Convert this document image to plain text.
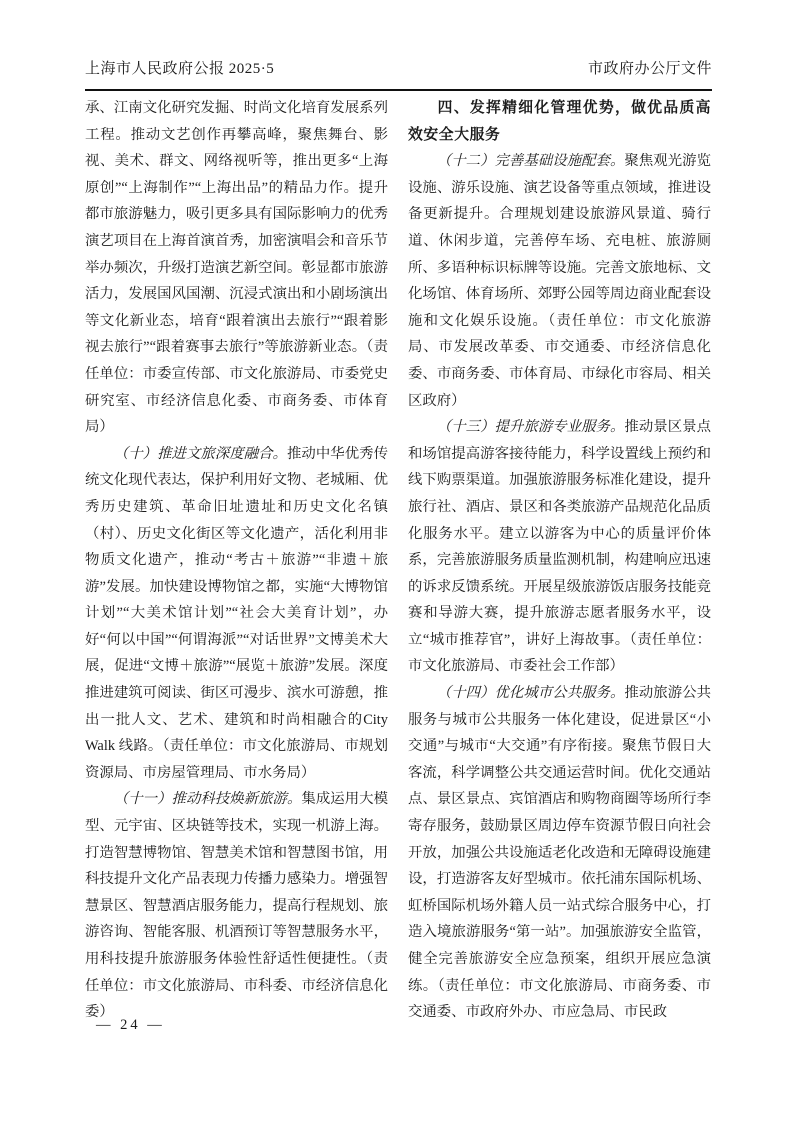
上海市人民政府公报 2025·5	市政府办公厅文件

承、江南文化研究发掘、时尚文化培育发展系列工程。推动文艺创作再攀高峰，聚焦舞台、影视、美术、群文、网络视听等，推出更多“上海原创”“上海制作”“上海出品”的精品力作。提升都市旅游魅力，吸引更多具有国际影响力的优秀演艺项目在上海首演首秀，加密演唱会和音乐节举办频次，升级打造演艺新空间。彰显都市旅游活力，发展国风国潮、沉浸式演出和小剧场演出等文化新业态，培育“跟着演出去旅行”“跟着影视去旅行”“跟着赛事去旅行”等旅游新业态。（责任单位：市委宣传部、市文化旅游局、市委党史研究室、市经济信息化委、市商务委、市体育局）

（十）推进文旅深度融合。推动中华优秀传统文化现代表达，保护利用好文物、老城厢、优秀历史建筑、革命旧址遗址和历史文化名镇（村）、历史文化街区等文化遗产，活化利用非物质文化遗产，推动“考古＋旅游”“非遗＋旅游”发展。加快建设博物馆之都，实施“大博物馆计划”“大美术馆计划”“社会大美育计划”，办好“何以中国”“何谓海派”“对话世界”文博美术大展，促进“文博＋旅游”“展览＋旅游”发展。深度推进建筑可阅读、街区可漫步、滨水可游憩，推出一批人文、艺术、建筑和时尚相融合的City Walk 线路。（责任单位：市文化旅游局、市规划资源局、市房屋管理局、市水务局）

（十一）推动科技焕新旅游。集成运用大模型、元宇宙、区块链等技术，实现一机游上海。打造智慧博物馆、智慧美术馆和智慧图书馆，用科技提升文化产品表现力传播力感染力。增强智慧景区、智慧酒店服务能力，提高行程规划、旅游咨询、智能客服、机酒预订等智慧服务水平，用科技提升旅游服务体验性舒适性便捷性。（责任单位：市文化旅游局、市科委、市经济信息化委）

四、发挥精细化管理优势，做优品质高效安全大服务

（十二）完善基础设施配套。聚焦观光游览设施、游乐设施、演艺设备等重点领域，推进设备更新提升。合理规划建设旅游风景道、骑行道、休闲步道，完善停车场、充电桩、旅游厕所、多语种标识标牌等设施。完善文旅地标、文化场馆、体育场所、郊野公园等周边商业配套设施和文化娱乐设施。（责任单位：市文化旅游局、市发展改革委、市交通委、市经济信息化委、市商务委、市体育局、市绿化市容局、相关区政府）

（十三）提升旅游专业服务。推动景区景点和场馆提高游客接待能力，科学设置线上预约和线下购票渠道。加强旅游服务标准化建设，提升旅行社、酒店、景区和各类旅游产品规范化品质化服务水平。建立以游客为中心的质量评价体系，完善旅游服务质量监测机制，构建响应迅速的诉求反馈系统。开展星级旅游饭店服务技能竞赛和导游大赛，提升旅游志愿者服务水平，设立“城市推荐官”，讲好上海故事。（责任单位：市文化旅游局、市委社会工作部）

（十四）优化城市公共服务。推动旅游公共服务与城市公共服务一体化建设，促进景区“小交通”与城市“大交通”有序衔接。聚焦节假日大客流，科学调整公共交通运营时间。优化交通站点、景区景点、宾馆酒店和购物商圈等场所行李寄存服务，鼓励景区周边停车资源节假日向社会开放，加强公共设施适老化改造和无障碍设施建设，打造游客友好型城市。依托浦东国际机场、虹桥国际机场外籍人员一站式综合服务中心，打造入境旅游服务“第一站”。加强旅游安全监管，健全完善旅游安全应急预案，组织开展应急演练。（责任单位：市文化旅游局、市商务委、市交通委、市政府外办、市应急局、市民政

— 24 —
